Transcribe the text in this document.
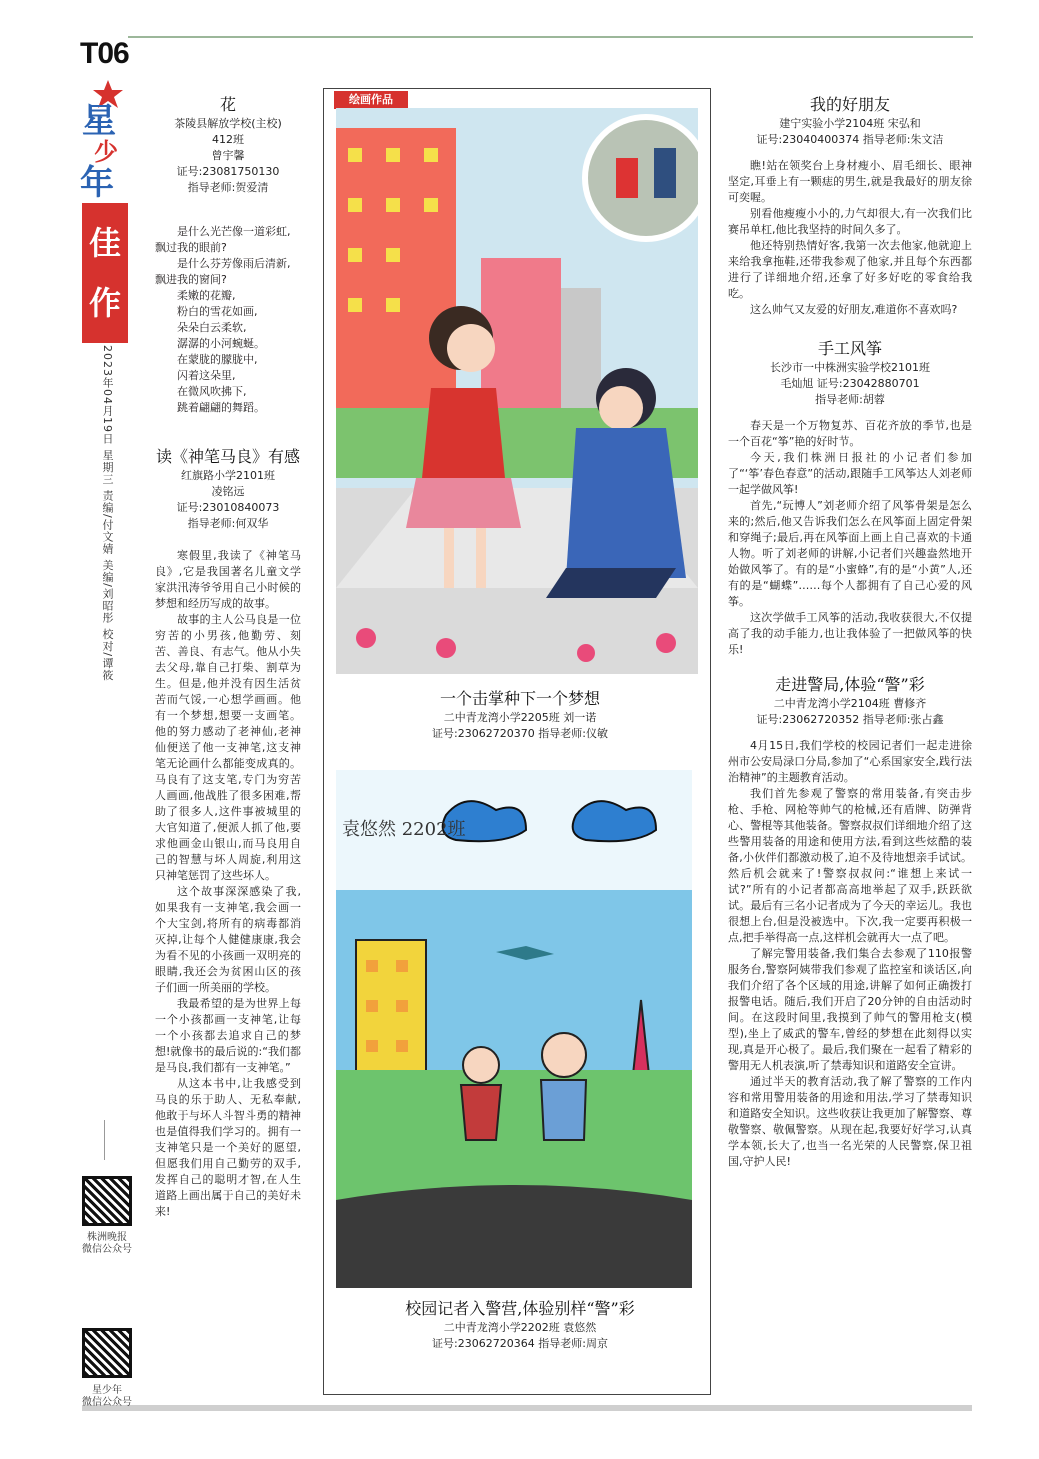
T06
星
少
年
佳作
2023年04月19日 星期三 责编/付文婧 美编/刘昭彤 校对/谭筱
株洲晚报
微信公众号
星少年
微信公众号
花
茶陵县解放学校(主校)
412班
曾宇馨
证号:23081750130
指导老师:贺爱清

是什么光芒像一道彩虹,飘过我的眼前?

是什么芬芳像雨后清新,飘进我的窗间?

柔嫩的花瓣,

粉白的雪花如画,

朵朵白云柔软,

潺潺的小河蜿蜒。

在蒙胧的朦胧中,

闪着这朵里,

在微风吹拂下,

跳着翩翩的舞蹈。

读《神笔马良》有感
红旗路小学2101班
凌铭远
证号:23010840073
指导老师:何双华

寒假里,我读了《神笔马良》,它是我国著名儿童文学家洪汛涛爷爷用自己小时候的梦想和经历写成的故事。

故事的主人公马良是一位穷苦的小男孩,他勤劳、刻苦、善良、有志气。他从小失去父母,靠自己打柴、割草为生。但是,他并没有因生活贫苦而气馁,一心想学画画。他有一个梦想,想要一支画笔。他的努力感动了老神仙,老神仙便送了他一支神笔,这支神笔无论画什么都能变成真的。马良有了这支笔,专门为穷苦人画画,他战胜了很多困难,帮助了很多人,这件事被城里的大官知道了,便派人抓了他,要求他画金山银山,而马良用自己的智慧与坏人周旋,利用这只神笔惩罚了这些坏人。

这个故事深深感染了我,如果我有一支神笔,我会画一个大宝剑,将所有的病毒都消灭掉,让每个人健健康康,我会为看不见的小孩画一双明亮的眼睛,我还会为贫困山区的孩子们画一所美丽的学校。

我最希望的是为世界上每一个小孩都画一支神笔,让每一个小孩都去追求自己的梦想!就像书的最后说的:“我们都是马良,我们都有一支神笔。”

从这本书中,让我感受到马良的乐于助人、无私奉献,他敢于与坏人斗智斗勇的精神也是值得我们学习的。拥有一支神笔只是一个美好的愿望,但愿我们用自己勤劳的双手,发挥自己的聪明才智,在人生道路上画出属于自己的美好未来!

绘画作品
一个击掌种下一个梦想
二中青龙湾小学2205班 刘一诺
证号:23062720370 指导老师:仪敏
袁悠然 2202班
校园记者入警营,体验别样“警”彩
二中青龙湾小学2202班 袁悠然
证号:23062720364 指导老师:周京
我的好朋友
建宁实验小学2104班 宋弘和
证号:23040400374 指导老师:朱文洁

瞧!站在领奖台上身材瘦小、眉毛细长、眼神坚定,耳垂上有一颗痣的男生,就是我最好的朋友徐可奕喔。

别看他瘦瘦小小的,力气却很大,有一次我们比赛吊单杠,他比我坚持的时间久多了。

他还特别热情好客,我第一次去他家,他就迎上来给我拿拖鞋,还带我参观了他家,并且每个东西都进行了详细地介绍,还拿了好多好吃的零食给我吃。

这么帅气又友爱的好朋友,难道你不喜欢吗?

手工风筝
长沙市一中株洲实验学校2101班
毛灿旭 证号:23042880701
指导老师:胡蓉

春天是一个万物复苏、百花齐放的季节,也是一个百花“筝”艳的好时节。

今天,我们株洲日报社的小记者们参加了“‘筝’春色春意”的活动,跟随手工风筝达人刘老师一起学做风筝!

首先,“玩博人”刘老师介绍了风筝骨架是怎么来的;然后,他又告诉我们怎么在风筝面上固定骨架和穿绳子;最后,再在风筝面上画上自己喜欢的卡通人物。听了刘老师的讲解,小记者们兴趣盎然地开始做风筝了。有的是“小蜜蜂”,有的是“小黄”人,还有的是“蝴蝶”……每个人都拥有了自己心爱的风筝。

这次学做手工风筝的活动,我收获很大,不仅提高了我的动手能力,也让我体验了一把做风筝的快乐!

走进警局,体验“警”彩
二中青龙湾小学2104班 曹修齐
证号:23062720352 指导老师:张占鑫

4月15日,我们学校的校园记者们一起走进徐州市公安局渌口分局,参加了“心系国家安全,践行法治精神”的主题教育活动。

我们首先参观了警察的常用装备,有突击步枪、手枪、网枪等帅气的枪械,还有盾牌、防弹背心、警棍等其他装备。警察叔叔们详细地介绍了这些警用装备的用途和使用方法,看到这些炫酷的装备,小伙伴们都激动极了,迫不及待地想亲手试试。然后机会就来了!警察叔叔问:“谁想上来试一试?”所有的小记者都高高地举起了双手,跃跃欲试。最后有三名小记者成为了今天的幸运儿。我也很想上台,但是没被选中。下次,我一定要再积极一点,把手举得高一点,这样机会就再大一点了吧。

了解完警用装备,我们集合去参观了110报警服务台,警察阿姨带我们参观了监控室和谈话区,向我们介绍了各个区域的用途,讲解了如何正确拨打报警电话。随后,我们开启了20分钟的自由活动时间。在这段时间里,我摸到了帅气的警用枪支(模型),坐上了威武的警车,曾经的梦想在此刻得以实现,真是开心极了。最后,我们聚在一起看了精彩的警用无人机表演,听了禁毒知识和道路安全宣讲。

通过半天的教育活动,我了解了警察的工作内容和常用警用装备的用途和用法,学习了禁毒知识和道路安全知识。这些收获让我更加了解警察、尊敬警察、敬佩警察。从现在起,我要好好学习,认真学本领,长大了,也当一名光荣的人民警察,保卫祖国,守护人民!
